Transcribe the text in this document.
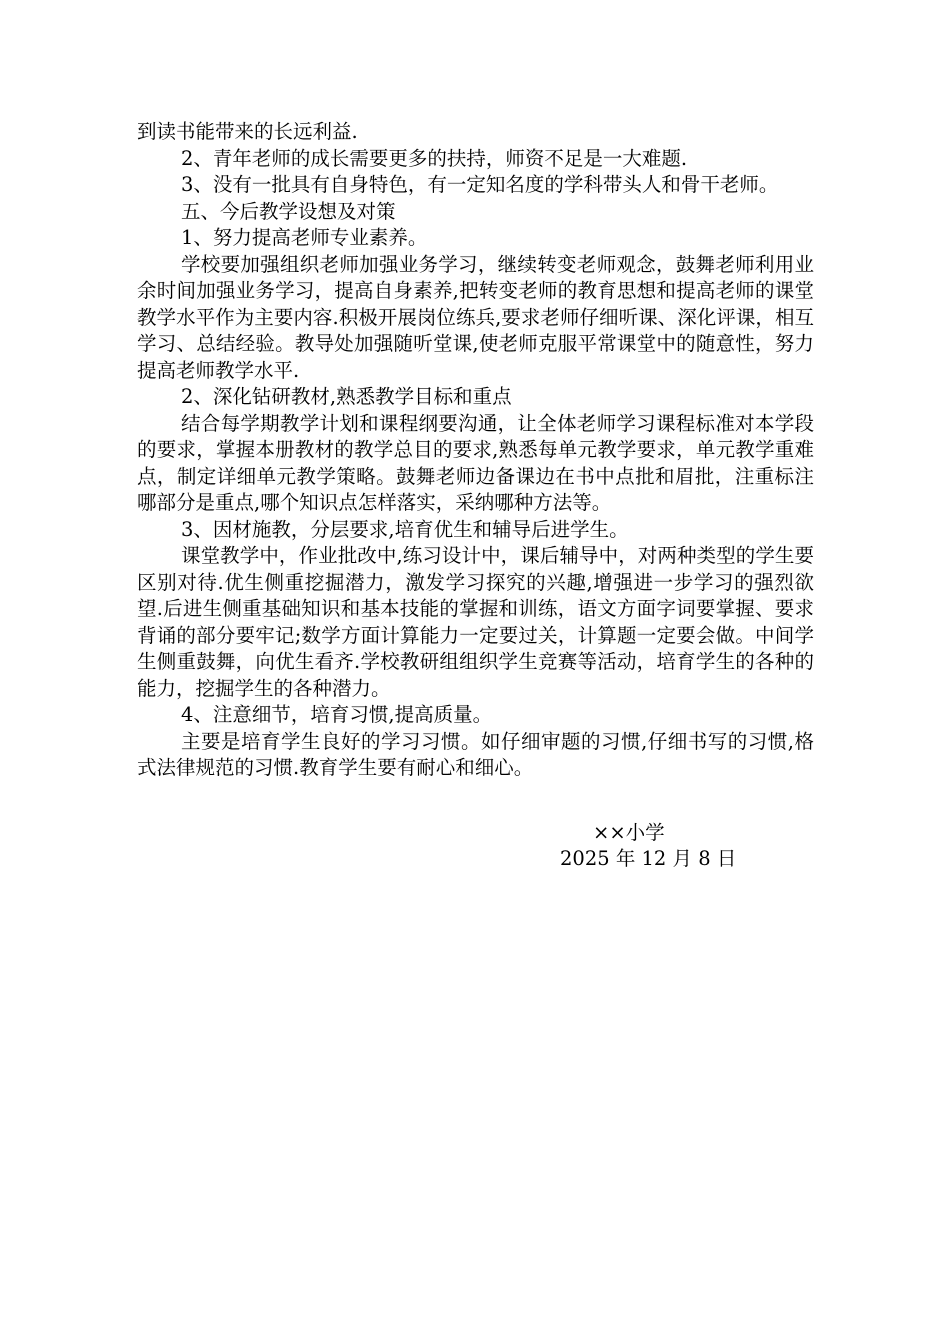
到读书能带来的长远利益.

2、青年老师的成长需要更多的扶持，师资不足是一大难题.

3、没有一批具有自身特色，有一定知名度的学科带头人和骨干老师。

五、今后教学设想及对策

1、努力提高老师专业素养。

学校要加强组织老师加强业务学习，继续转变老师观念，鼓舞老师利用业余时间加强业务学习，提高自身素养,把转变老师的教育思想和提高老师的课堂教学水平作为主要内容.积极开展岗位练兵,要求老师仔细听课、深化评课，相互学习、总结经验。教导处加强随听堂课,使老师克服平常课堂中的随意性，努力提高老师教学水平.

2、深化钻研教材,熟悉教学目标和重点

结合每学期教学计划和课程纲要沟通，让全体老师学习课程标准对本学段的要求，掌握本册教材的教学总目的要求,熟悉每单元教学要求，单元教学重难点，制定详细单元教学策略。鼓舞老师边备课边在书中点批和眉批，注重标注哪部分是重点,哪个知识点怎样落实，采纳哪种方法等。

3、因材施教，分层要求,培育优生和辅导后进学生。

课堂教学中，作业批改中,练习设计中，课后辅导中，对两种类型的学生要区别对待.优生侧重挖掘潜力，激发学习探究的兴趣,增强进一步学习的强烈欲望.后进生侧重基础知识和基本技能的掌握和训练，语文方面字词要掌握、要求背诵的部分要牢记;数学方面计算能力一定要过关，计算题一定要会做。中间学生侧重鼓舞，向优生看齐.学校教研组组织学生竞赛等活动，培育学生的各种的能力，挖掘学生的各种潜力。

4、注意细节，培育习惯,提高质量。

主要是培育学生良好的学习习惯。如仔细审题的习惯,仔细书写的习惯,格式法律规范的习惯.教育学生要有耐心和细心。

××小学
2025 年 12 月 8 日
